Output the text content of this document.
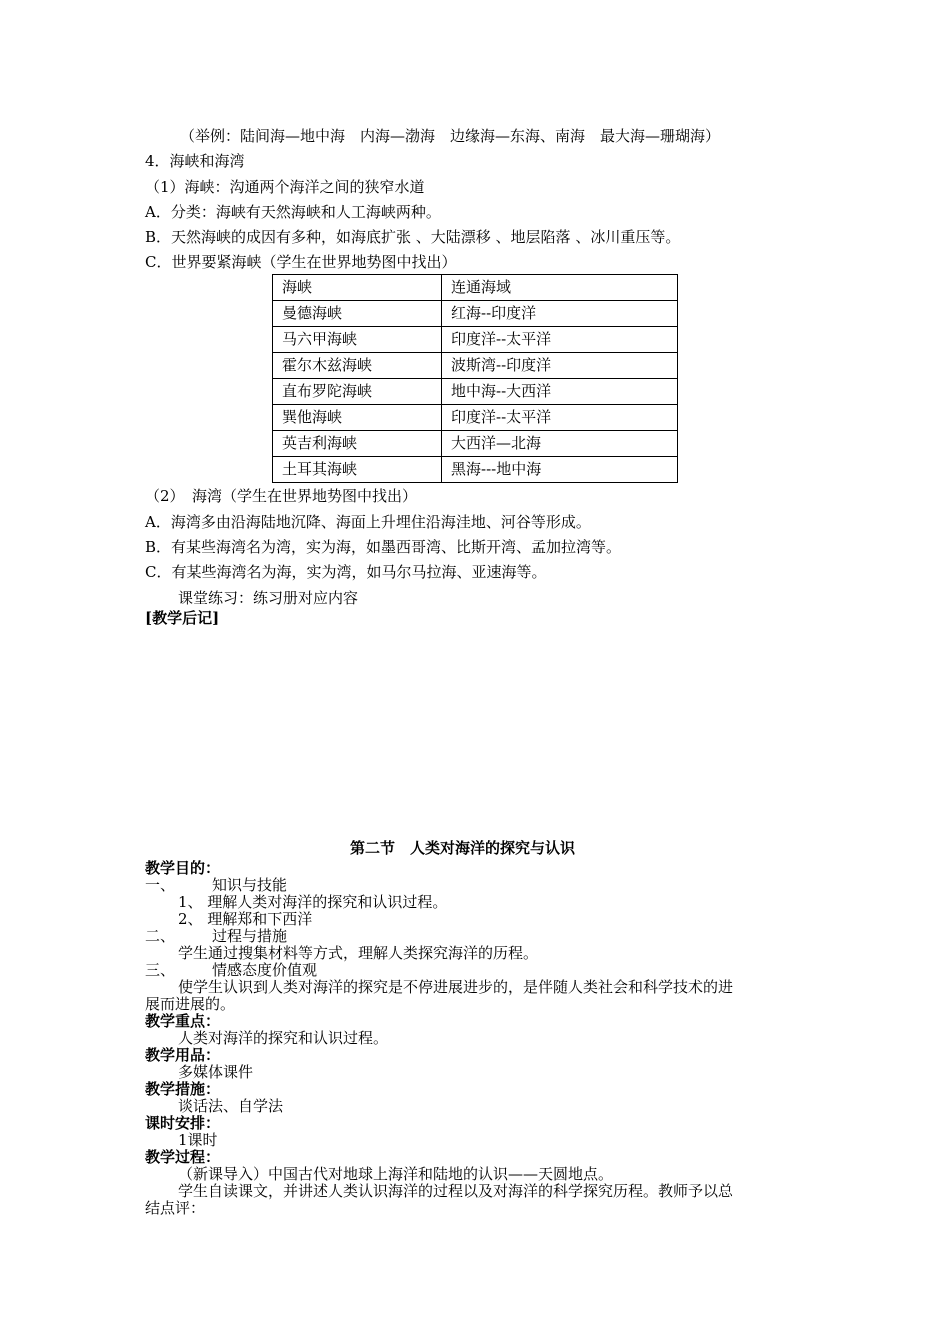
（举例：陆间海—地中海　内海—渤海　边缘海—东海、南海　最大海—珊瑚海）
4．海峡和海湾
（1）海峡：沟通两个海洋之间的狭窄水道
A．分类：海峡有天然海峡和人工海峡两种。
B．天然海峡的成因有多种，如海底扩张 、大陆漂移 、地层陷落 、冰川重压等。
C．世界要紧海峡（学生在世界地势图中找出）
海峡	连通海域
曼德海峡	红海--印度洋
马六甲海峡	印度洋--太平洋
霍尔木兹海峡	波斯湾--印度洋
直布罗陀海峡	地中海--大西洋
巽他海峡	印度洋--太平洋
英吉利海峡	大西洋—北海
土耳其海峡	黑海---地中海
（2）　海湾（学生在世界地势图中找出）
A．海湾多由沿海陆地沉降、海面上升埋住沿海洼地、河谷等形成。
B．有某些海湾名为湾，实为海，如墨西哥湾、比斯开湾、孟加拉湾等。
C．有某些海湾名为海，实为湾，如马尔马拉海、亚速海等。
课堂练习：练习册对应内容
[教学后记]
第二节　人类对海洋的探究与认识
教学目的：
一、 知识与技能
1、 理解人类对海洋的探究和认识过程。
2、 理解郑和下西洋
二、 过程与措施
学生通过搜集材料等方式，理解人类探究海洋的历程。
三、 情感态度价值观
使学生认识到人类对海洋的探究是不停进展进步的，是伴随人类社会和科学技术的进
展而进展的。
教学重点：
人类对海洋的探究和认识过程。
教学用品：
多媒体课件
教学措施：
谈话法、自学法
课时安排：
1课时
教学过程：
（新课导入）中国古代对地球上海洋和陆地的认识——天圆地点。
学生自读课文，并讲述人类认识海洋的过程以及对海洋的科学探究历程。教师予以总
结点评：
